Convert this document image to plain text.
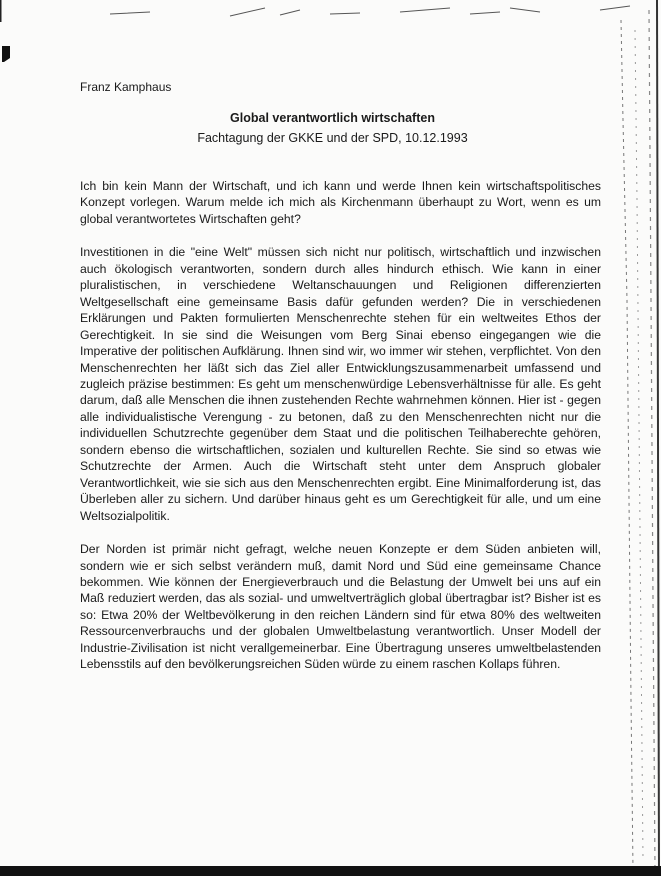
Franz Kamphaus
Global verantwortlich wirtschaften
Fachtagung der GKKE und der SPD, 10.12.1993

Ich bin kein Mann der Wirtschaft, und ich kann und werde Ihnen kein wirtschaftspolitisches Konzept vorlegen. Warum melde ich mich als Kirchenmann überhaupt zu Wort, wenn es um global verantwortetes Wirtschaften geht?

Investitionen in die "eine Welt" müssen sich nicht nur politisch, wirtschaftlich und inzwischen auch ökologisch verantworten, sondern durch alles hindurch ethisch. Wie kann in einer pluralistischen, in verschiedene Weltanschauungen und Religionen differenzierten Weltgesellschaft eine gemeinsame Basis dafür gefunden werden? Die in verschiedenen Erklärungen und Pakten formulierten Menschenrechte stehen für ein weltweites Ethos der Gerechtigkeit. In sie sind die Weisungen vom Berg Sinai ebenso eingegangen wie die Imperative der politischen Aufklärung. Ihnen sind wir, wo immer wir stehen, verpflichtet. Von den Menschenrechten her läßt sich das Ziel aller Entwicklungszusammenarbeit umfassend und zugleich präzise bestimmen: Es geht um menschenwürdige Lebensverhältnisse für alle. Es geht darum, daß alle Menschen die ihnen zustehenden Rechte wahrnehmen können. Hier ist - gegen alle individualistische Verengung - zu betonen, daß zu den Menschenrechten nicht nur die individuellen Schutzrechte gegenüber dem Staat und die politischen Teilhaberechte gehören, sondern ebenso die wirtschaftlichen, sozialen und kulturellen Rechte. Sie sind so etwas wie Schutzrechte der Armen. Auch die Wirtschaft steht unter dem Anspruch globaler Verantwortlichkeit, wie sie sich aus den Menschenrechten ergibt. Eine Minimalforderung ist, das Überleben aller zu sichern. Und darüber hinaus geht es um Gerechtigkeit für alle, und um eine Weltsozialpolitik.

Der Norden ist primär nicht gefragt, welche neuen Konzepte er dem Süden anbieten will, sondern wie er sich selbst verändern muß, damit Nord und Süd eine gemeinsame Chance bekommen. Wie können der Energieverbrauch und die Belastung der Umwelt bei uns auf ein Maß reduziert werden, das als sozial- und umweltverträglich global übertragbar ist? Bisher ist es so: Etwa 20% der Weltbevölkerung in den reichen Ländern sind für etwa 80% des weltweiten Ressourcenverbrauchs und der globalen Umweltbelastung verantwortlich. Unser Modell der Industrie-Zivilisation ist nicht verallgemeinerbar. Eine Übertragung unseres umweltbelastenden Lebensstils auf den bevölkerungsreichen Süden würde zu einem raschen Kollaps führen.
